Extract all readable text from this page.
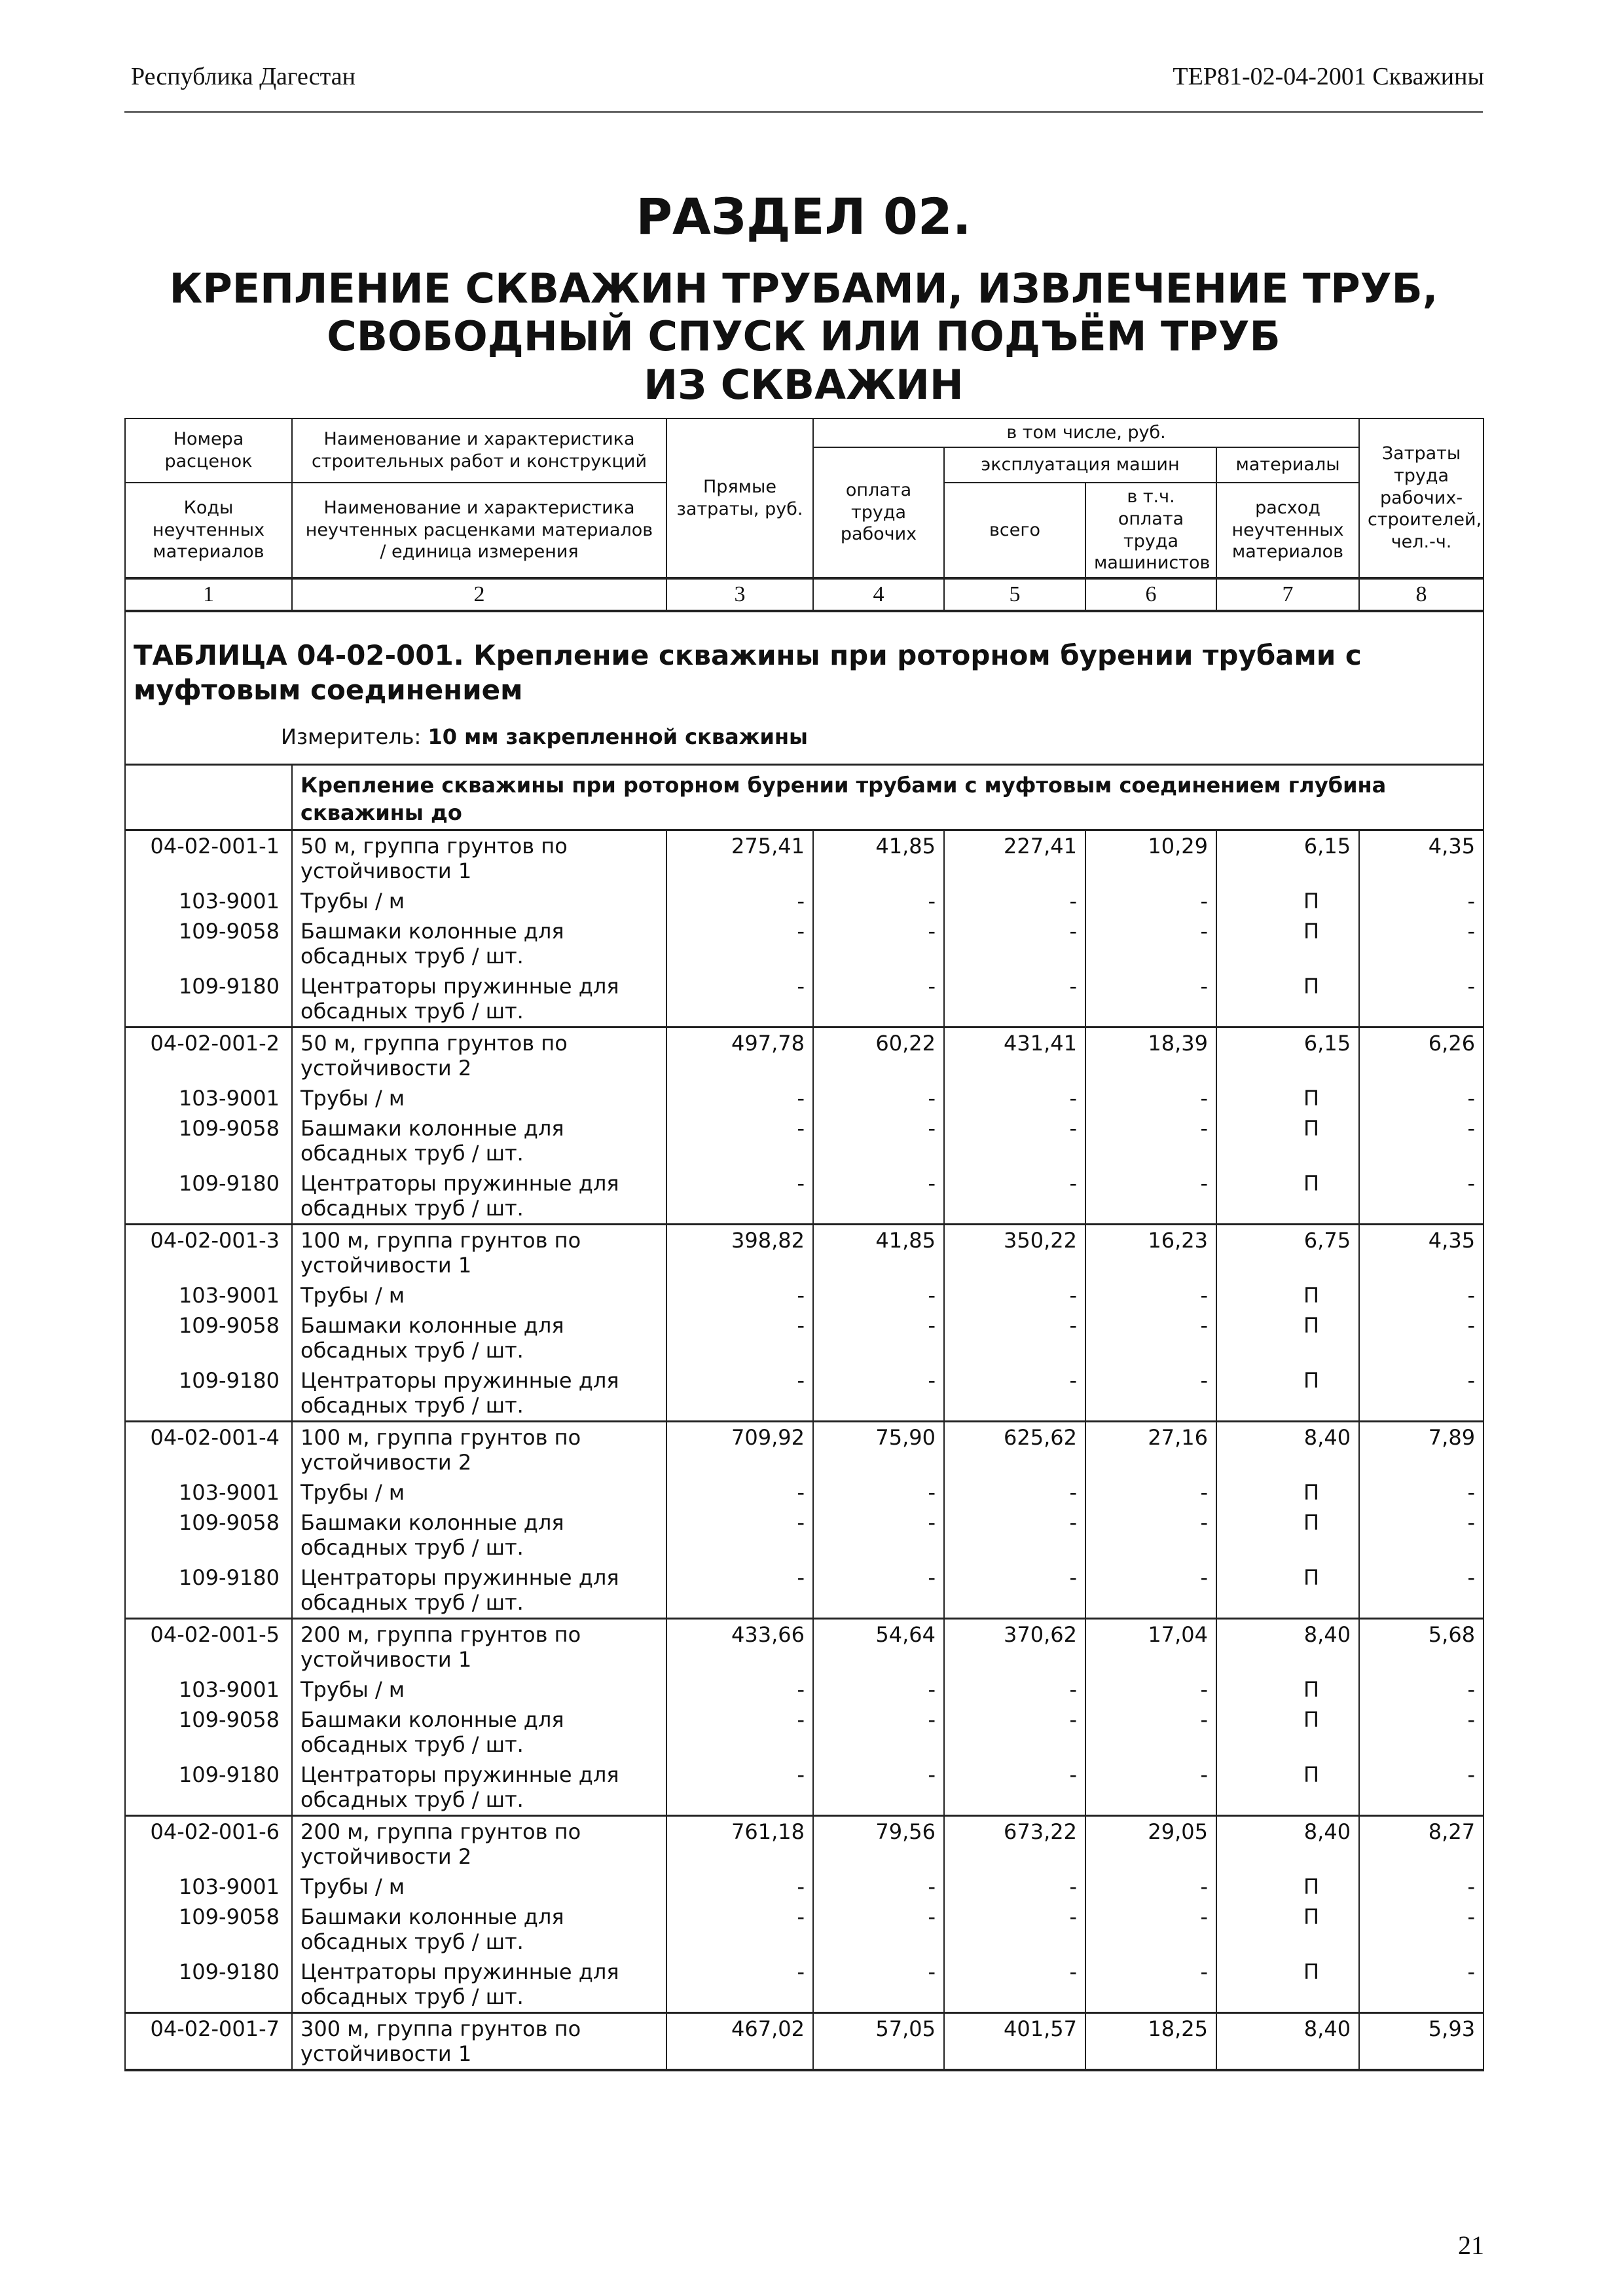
Республика Дагестан	ТЕР81-02-04-2001 Скважины
РАЗДЕЛ 02.
КРЕПЛЕНИЕ СКВАЖИН ТРУБАМИ, ИЗВЛЕЧЕНИЕ ТРУБ,
СВОБОДНЫЙ СПУСК ИЛИ ПОДЪЁМ ТРУБ
ИЗ СКВАЖИН
Номера расценок	Наименование и характеристика строительных работ и конструкций	Прямые затраты, руб.	в том числе, руб.				Затраты труда рабочих-строителей, чел.-ч.
			оплата труда рабочих	эксплуатация машин		материалы	
Коды неучтенных материалов	Наименование и характеристика неучтенных расценками материалов / единица измерения			всего	в т.ч. оплата труда машинистов	расход неучтенных материалов	

1	2	3	4	5	6	7	8

ТАБЛИЦА 04-02-001. Крепление скважины при роторном бурении трубами с муфтовым соединением
Измеритель: 10 мм закрепленной скважины							

	Крепление скважины при роторном бурении трубами с муфтовым соединением глубина скважины до						
04-02-001-1	50 м, группа грунтов по устойчивости 1	275,41	41,85	227,41	10,29	6,15	4,35
103-9001	Трубы / м	-	-	-	-	П	-
109-9058	Башмаки колонные для обсадных труб / шт.	-	-	-	-	П	-
109-9180	Центраторы пружинные для обсадных труб / шт.	-	-	-	-	П	-
04-02-001-2	50 м, группа грунтов по устойчивости 2	497,78	60,22	431,41	18,39	6,15	6,26
103-9001	Трубы / м	-	-	-	-	П	-
109-9058	Башмаки колонные для обсадных труб / шт.	-	-	-	-	П	-
109-9180	Центраторы пружинные для обсадных труб / шт.	-	-	-	-	П	-
04-02-001-3	100 м, группа грунтов по устойчивости 1	398,82	41,85	350,22	16,23	6,75	4,35
103-9001	Трубы / м	-	-	-	-	П	-
109-9058	Башмаки колонные для обсадных труб / шт.	-	-	-	-	П	-
109-9180	Центраторы пружинные для обсадных труб / шт.	-	-	-	-	П	-
04-02-001-4	100 м, группа грунтов по устойчивости 2	709,92	75,90	625,62	27,16	8,40	7,89
103-9001	Трубы / м	-	-	-	-	П	-
109-9058	Башмаки колонные для обсадных труб / шт.	-	-	-	-	П	-
109-9180	Центраторы пружинные для обсадных труб / шт.	-	-	-	-	П	-
04-02-001-5	200 м, группа грунтов по устойчивости 1	433,66	54,64	370,62	17,04	8,40	5,68
103-9001	Трубы / м	-	-	-	-	П	-
109-9058	Башмаки колонные для обсадных труб / шт.	-	-	-	-	П	-
109-9180	Центраторы пружинные для обсадных труб / шт.	-	-	-	-	П	-
04-02-001-6	200 м, группа грунтов по устойчивости 2	761,18	79,56	673,22	29,05	8,40	8,27
103-9001	Трубы / м	-	-	-	-	П	-
109-9058	Башмаки колонные для обсадных труб / шт.	-	-	-	-	П	-
109-9180	Центраторы пружинные для обсадных труб / шт.	-	-	-	-	П	-
04-02-001-7	300 м, группа грунтов по устойчивости 1	467,02	57,05	401,57	18,25	8,40	5,93
21
